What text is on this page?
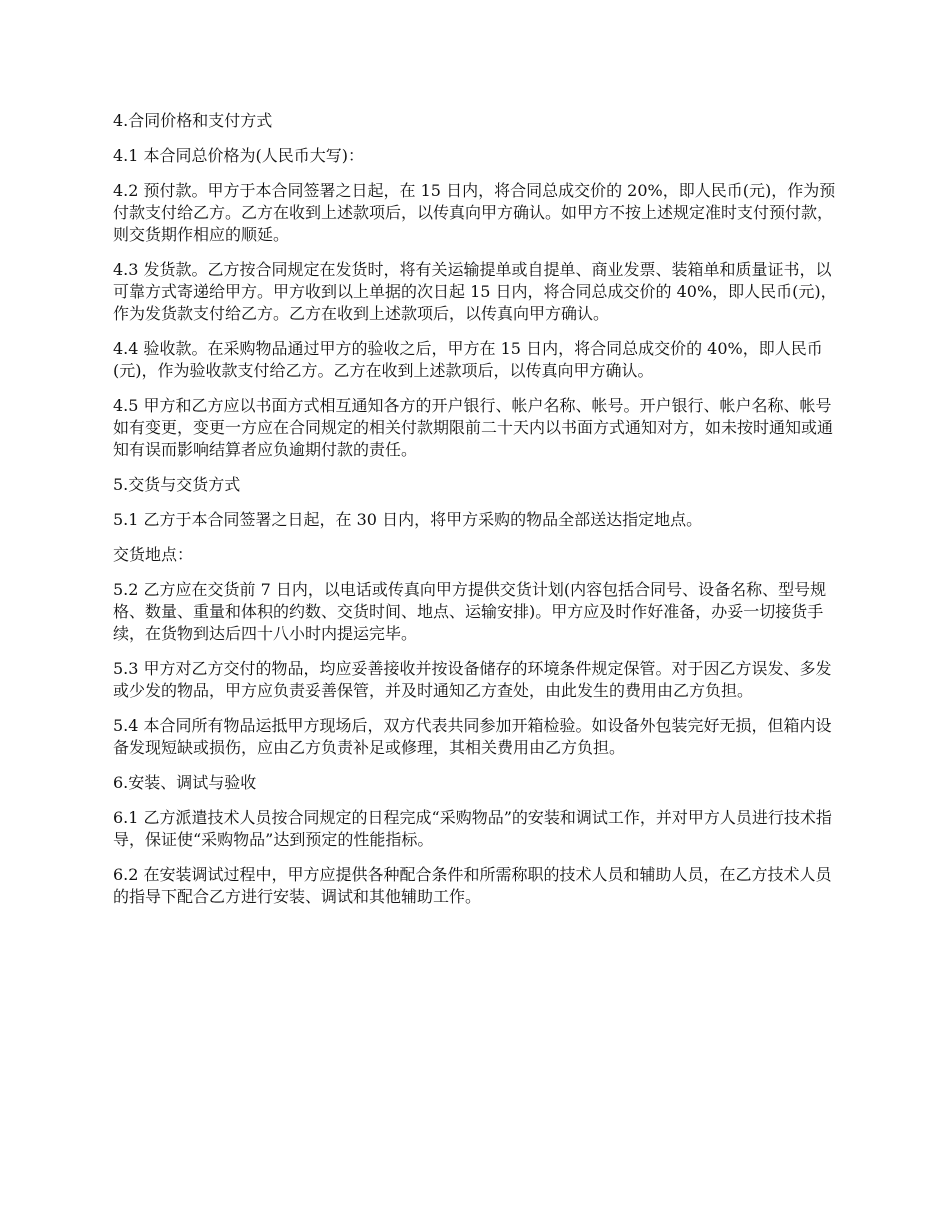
4.合同价格和支付方式

4.1 本合同总价格为(人民币大写)：

4.2 预付款。甲方于本合同签署之日起，在 15 日内，将合同总成交价的 20%，即人民币(元)，作为预付款支付给乙方。乙方在收到上述款项后，以传真向甲方确认。如甲方不按上述规定准时支付预付款，则交货期作相应的顺延。

4.3 发货款。乙方按合同规定在发货时，将有关运输提单或自提单、商业发票、装箱单和质量证书，以可靠方式寄递给甲方。甲方收到以上单据的次日起 15 日内，将合同总成交价的 40%，即人民币(元)，作为发货款支付给乙方。乙方在收到上述款项后，以传真向甲方确认。

4.4 验收款。在采购物品通过甲方的验收之后，甲方在 15 日内，将合同总成交价的 40%，即人民币(元)，作为验收款支付给乙方。乙方在收到上述款项后，以传真向甲方确认。

4.5 甲方和乙方应以书面方式相互通知各方的开户银行、帐户名称、帐号。开户银行、帐户名称、帐号如有变更，变更一方应在合同规定的相关付款期限前二十天内以书面方式通知对方，如未按时通知或通知有误而影响结算者应负逾期付款的责任。

5.交货与交货方式

5.1 乙方于本合同签署之日起，在 30 日内，将甲方采购的物品全部送达指定地点。

交货地点：

5.2 乙方应在交货前 7 日内，以电话或传真向甲方提供交货计划(内容包括合同号、设备名称、型号规格、数量、重量和体积的约数、交货时间、地点、运输安排)。甲方应及时作好准备，办妥一切接货手续，在货物到达后四十八小时内提运完毕。

5.3 甲方对乙方交付的物品，均应妥善接收并按设备储存的环境条件规定保管。对于因乙方误发、多发或少发的物品，甲方应负责妥善保管，并及时通知乙方查处，由此发生的费用由乙方负担。

5.4 本合同所有物品运抵甲方现场后，双方代表共同参加开箱检验。如设备外包装完好无损，但箱内设备发现短缺或损伤，应由乙方负责补足或修理，其相关费用由乙方负担。

6.安装、调试与验收

6.1 乙方派遣技术人员按合同规定的日程完成“采购物品”的安装和调试工作，并对甲方人员进行技术指导，保证使“采购物品”达到预定的性能指标。

6.2 在安装调试过程中，甲方应提供各种配合条件和所需称职的技术人员和辅助人员，在乙方技术人员的指导下配合乙方进行安装、调试和其他辅助工作。
